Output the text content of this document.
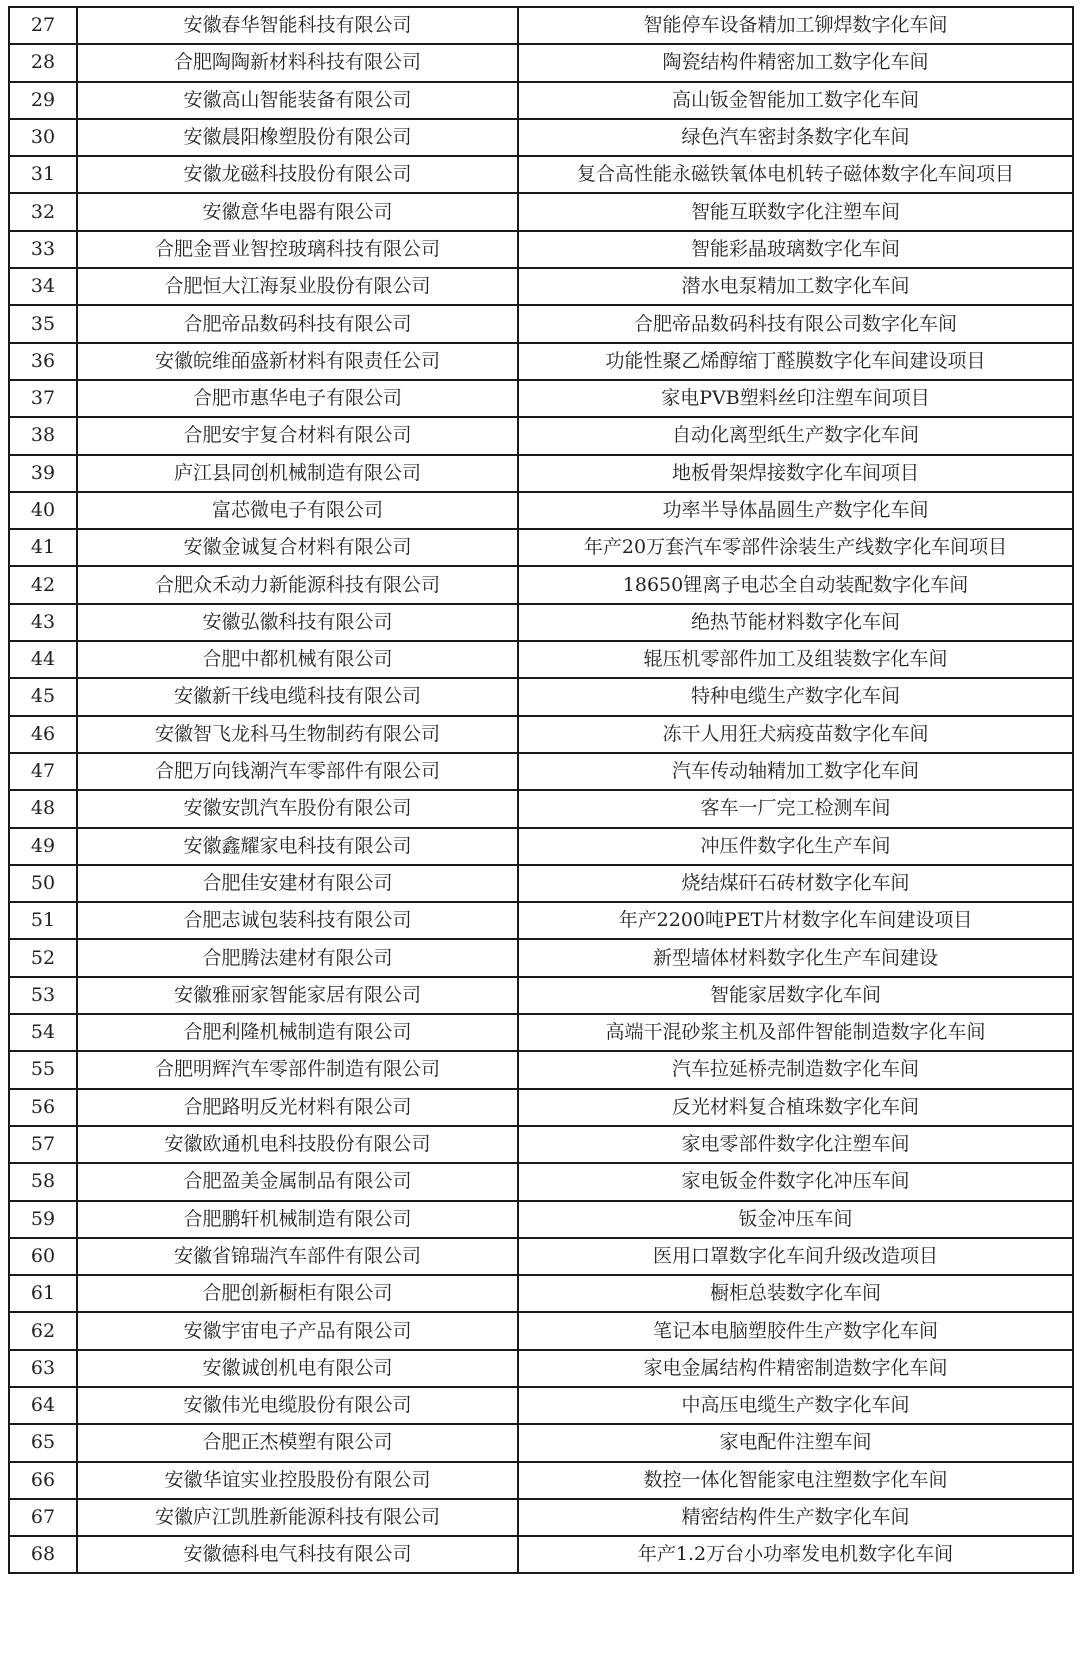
27	安徽春华智能科技有限公司	智能停车设备精加工铆焊数字化车间
28	合肥陶陶新材料科技有限公司	陶瓷结构件精密加工数字化车间
29	安徽高山智能装备有限公司	高山钣金智能加工数字化车间
30	安徽晨阳橡塑股份有限公司	绿色汽车密封条数字化车间
31	安徽龙磁科技股份有限公司	复合高性能永磁铁氧体电机转子磁体数字化车间项目
32	安徽意华电器有限公司	智能互联数字化注塑车间
33	合肥金晋业智控玻璃科技有限公司	智能彩晶玻璃数字化车间
34	合肥恒大江海泵业股份有限公司	潜水电泵精加工数字化车间
35	合肥帝品数码科技有限公司	合肥帝品数码科技有限公司数字化车间
36	安徽皖维皕盛新材料有限责任公司	功能性聚乙烯醇缩丁醛膜数字化车间建设项目
37	合肥市惠华电子有限公司	家电PVB塑料丝印注塑车间项目
38	合肥安宇复合材料有限公司	自动化离型纸生产数字化车间
39	庐江县同创机械制造有限公司	地板骨架焊接数字化车间项目
40	富芯微电子有限公司	功率半导体晶圆生产数字化车间
41	安徽金诚复合材料有限公司	年产20万套汽车零部件涂装生产线数字化车间项目
42	合肥众禾动力新能源科技有限公司	18650锂离子电芯全自动装配数字化车间
43	安徽弘徽科技有限公司	绝热节能材料数字化车间
44	合肥中都机械有限公司	辊压机零部件加工及组装数字化车间
45	安徽新干线电缆科技有限公司	特种电缆生产数字化车间
46	安徽智飞龙科马生物制药有限公司	冻干人用狂犬病疫苗数字化车间
47	合肥万向钱潮汽车零部件有限公司	汽车传动轴精加工数字化车间
48	安徽安凯汽车股份有限公司	客车一厂完工检测车间
49	安徽鑫耀家电科技有限公司	冲压件数字化生产车间
50	合肥佳安建材有限公司	烧结煤矸石砖材数字化车间
51	合肥志诚包装科技有限公司	年产2200吨PET片材数字化车间建设项目
52	合肥腾法建材有限公司	新型墙体材料数字化生产车间建设
53	安徽雅丽家智能家居有限公司	智能家居数字化车间
54	合肥利隆机械制造有限公司	高端干混砂浆主机及部件智能制造数字化车间
55	合肥明辉汽车零部件制造有限公司	汽车拉延桥壳制造数字化车间
56	合肥路明反光材料有限公司	反光材料复合植珠数字化车间
57	安徽欧通机电科技股份有限公司	家电零部件数字化注塑车间
58	合肥盈美金属制品有限公司	家电钣金件数字化冲压车间
59	合肥鹏轩机械制造有限公司	钣金冲压车间
60	安徽省锦瑞汽车部件有限公司	医用口罩数字化车间升级改造项目
61	合肥创新橱柜有限公司	橱柜总装数字化车间
62	安徽宇宙电子产品有限公司	笔记本电脑塑胶件生产数字化车间
63	安徽诚创机电有限公司	家电金属结构件精密制造数字化车间
64	安徽伟光电缆股份有限公司	中高压电缆生产数字化车间
65	合肥正杰模塑有限公司	家电配件注塑车间
66	安徽华谊实业控股股份有限公司	数控一体化智能家电注塑数字化车间
67	安徽庐江凯胜新能源科技有限公司	精密结构件生产数字化车间
68	安徽德科电气科技有限公司	年产1.2万台小功率发电机数字化车间
